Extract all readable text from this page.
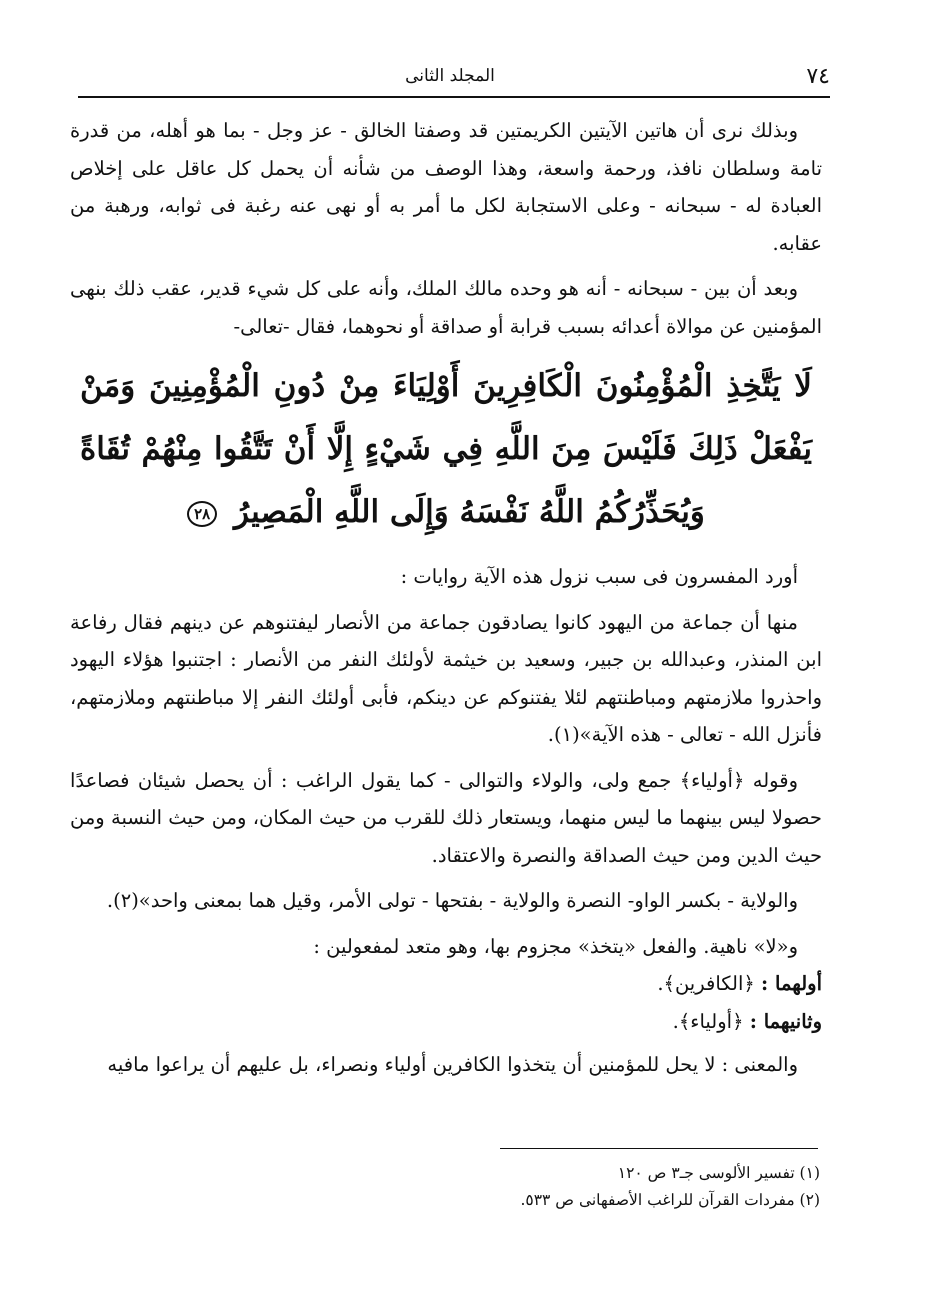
٧٤
المجلد الثانى

وبذلك نرى أن هاتين الآيتين الكريمتين قد وصفتا الخالق - عز وجل - بما هو أهله، من قدرة تامة وسلطان نافذ، ورحمة واسعة، وهذا الوصف من شأنه أن يحمل كل عاقل على إخلاص العبادة له - سبحانه - وعلى الاستجابة لكل ما أمر به أو نهى عنه رغبة فى ثوابه، ورهبة من عقابه.

وبعد أن بين - سبحانه - أنه هو وحده مالك الملك، وأنه على كل شيء قدير، عقب ذلك بنهى المؤمنين عن موالاة أعدائه بسبب قرابة أو صداقة أو نحوهما، فقال -تعالى-

لَا يَتَّخِذِ الْمُؤْمِنُونَ الْكَافِرِينَ أَوْلِيَاءَ مِنْ دُونِ الْمُؤْمِنِينَ وَمَنْ يَفْعَلْ ذَلِكَ فَلَيْسَ مِنَ اللَّهِ فِي شَيْءٍ إِلَّا أَنْ تَتَّقُوا مِنْهُمْ تُقَاةً وَيُحَذِّرُكُمُ اللَّهُ نَفْسَهُ وَإِلَى اللَّهِ الْمَصِيرُ ٢٨

أورد المفسرون فى سبب نزول هذه الآية روايات :

منها أن جماعة من اليهود كانوا يصادقون جماعة من الأنصار ليفتنوهم عن دينهم فقال رفاعة ابن المنذر، وعبدالله بن جبير، وسعيد بن خيثمة لأولئك النفر من الأنصار : اجتنبوا هؤلاء اليهود واحذروا ملازمتهم ومباطنتهم لئلا يفتنوكم عن دينكم، فأبى أولئك النفر إلا مباطنتهم وملازمتهم، فأنزل الله - تعالى - هذه الآية»(١).

وقوله ﴿أولياء﴾ جمع ولى، والولاء والتوالى - كما يقول الراغب : أن يحصل شيئان فصاعدًا حصولا ليس بينهما ما ليس منهما، ويستعار ذلك للقرب من حيث المكان، ومن حيث النسبة ومن حيث الدين ومن حيث الصداقة والنصرة والاعتقاد.

والولاية - بكسر الواو- النصرة والولاية - بفتحها - تولى الأمر، وقيل هما بمعنى واحد»(٢).

و«لا» ناهية. والفعل «يتخذ» مجزوم بها، وهو متعد لمفعولين :

أولهما : ﴿الكافرين﴾.

وثانيهما : ﴿أولياء﴾.

والمعنى : لا يحل للمؤمنين أن يتخذوا الكافرين أولياء ونصراء، بل عليهم أن يراعوا مافيه

(١) تفسير الألوسى جـ٣ ص ١٢٠

(٢) مفردات القرآن للراغب الأصفهانى ص ٥٣٣.
